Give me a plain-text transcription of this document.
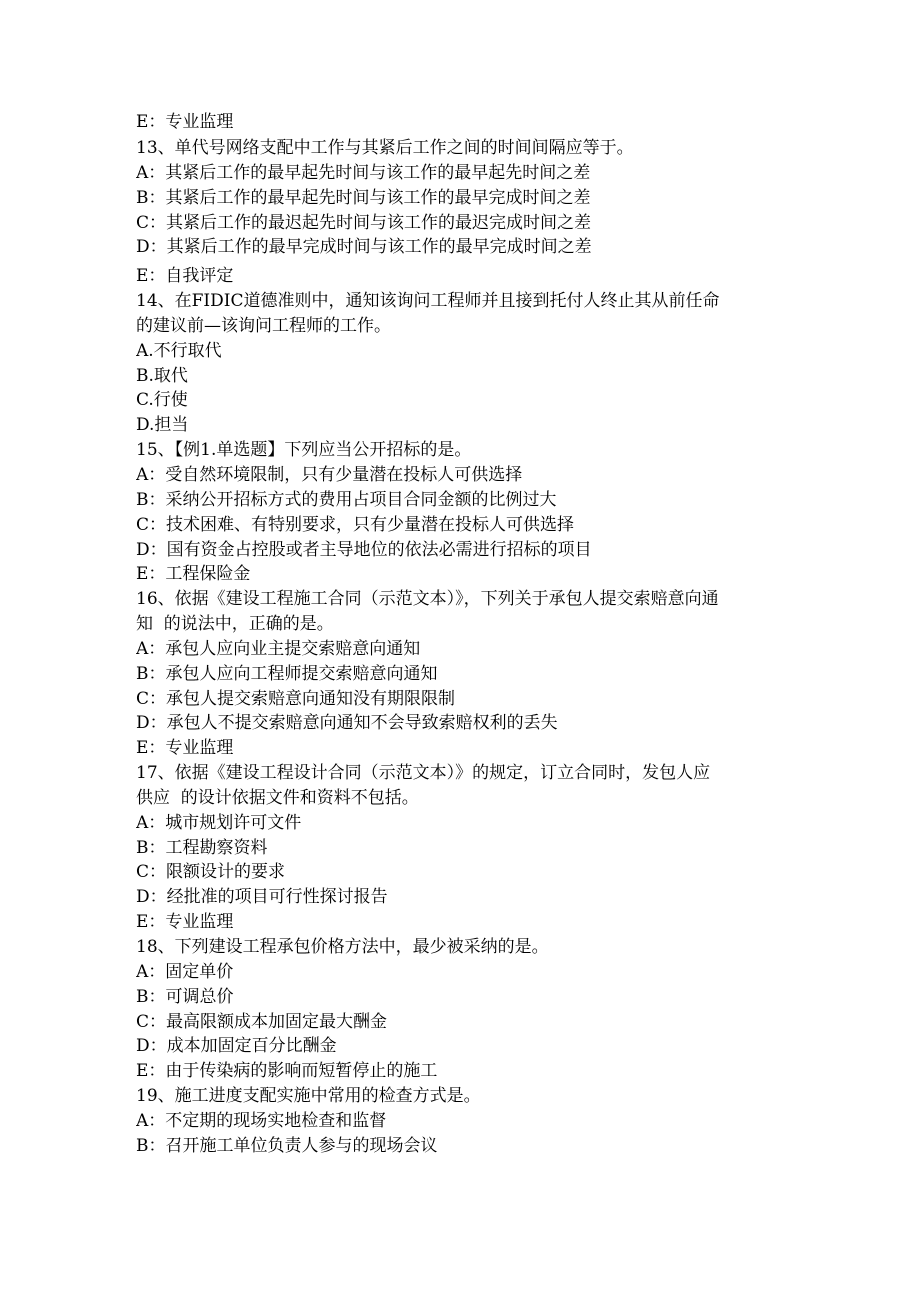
E：专业监理
13、单代号网络支配中工作与其紧后工作之间的时间间隔应等于。
A：其紧后工作的最早起先时间与该工作的最早起先时间之差
B：其紧后工作的最早起先时间与该工作的最早完成时间之差
C：其紧后工作的最迟起先时间与该工作的最迟完成时间之差
D：其紧后工作的最早完成时间与该工作的最早完成时间之差
E：自我评定
14、在FIDIC道德准则中，通知该询问工程师并且接到托付人终止其从前任命
的建议前—该询问工程师的工作。
A.不行取代
B.取代
C.行使
D.担当
15、【例1.单选题】下列应当公开招标的是。
A：受自然环境限制，只有少量潜在投标人可供选择
B：采纳公开招标方式的费用占项目合同金额的比例过大
C：技术困难、有特别要求，只有少量潜在投标人可供选择
D：国有资金占控股或者主导地位的依法必需进行招标的项目
E：工程保险金
16、依据《建设工程施工合同（示范文本）》，下列关于承包人提交索赔意向通
知  的说法中，正确的是。
A：承包人应向业主提交索赔意向通知
B：承包人应向工程师提交索赔意向通知
C：承包人提交索赔意向通知没有期限限制
D：承包人不提交索赔意向通知不会导致索赔权利的丢失
E：专业监理
17、依据《建设工程设计合同（示范文本）》的规定，订立合同时，发包人应
供应  的设计依据文件和资料不包括。
A：城市规划许可文件
B：工程勘察资料
C：限额设计的要求
D：经批准的项目可行性探讨报告
E：专业监理
18、下列建设工程承包价格方法中，最少被采纳的是。
A：固定单价
B：可调总价
C：最高限额成本加固定最大酬金
D：成本加固定百分比酬金
E：由于传染病的影响而短暂停止的施工
19、施工进度支配实施中常用的检查方式是。
A：不定期的现场实地检查和监督
B：召开施工单位负责人参与的现场会议
